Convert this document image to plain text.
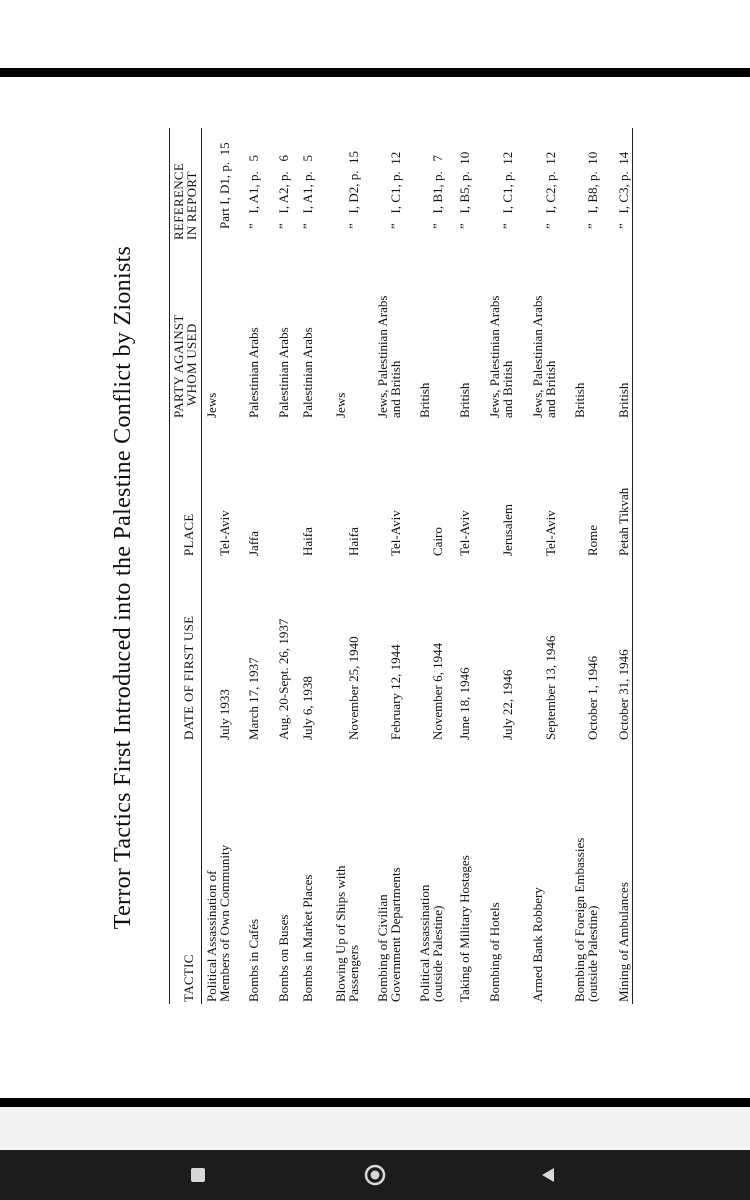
Terror Tactics First Introduced into the Palestine Conflict by Zionists
TACTIC
DATE OF FIRST USE
PLACE
PARTY AGAINST
WHOM USED
REFERENCE
IN REPORT
Political Assassination of
Members of Own Community
Jews
July 1933
Tel-Aviv
Part I, D1, p.  15
Bombs in Cafés
Palestinian Arabs
March 17, 1937
Jaffa
”   I, A1, p.   5
Bombs on Buses
Palestinian Arabs
Aug. 20-Sept. 26, 1937
”   I, A2, p.   6
Bombs in Market Places
Palestinian Arabs
July 6, 1938
Haifa
”   I, A1, p.   5
Blowing Up of Ships with
Passengers
Jews
November 25, 1940
Haifa
”   I, D2, p.  15
Bombing of Civilian
Government Departments
Jews, Palestinian Arabs
and British
February 12, 1944
Tel-Aviv
”   I, C1, p.  12
Political Assassination
(outside Palestine)
British
November 6, 1944
Cairo
”   I, B1, p.   7
Taking of Military Hostages
British
June 18, 1946
Tel-Aviv
”   I, B5, p.  10
Bombing of Hotels
Jews, Palestinian Arabs
and British
July 22, 1946
Jerusalem
”   I, C1, p.  12
Armed Bank Robbery
Jews, Palestinian Arabs
and British
September 13, 1946
Tel-Aviv
”   I, C2, p.  12
Bombing of Foreign Embassies
(outside Palestine)
British
October 1, 1946
Rome
”   I, B8, p.  10
Mining of Ambulances
British
October 31, 1946
Petah Tikvah
”   I, C3, p.  14
